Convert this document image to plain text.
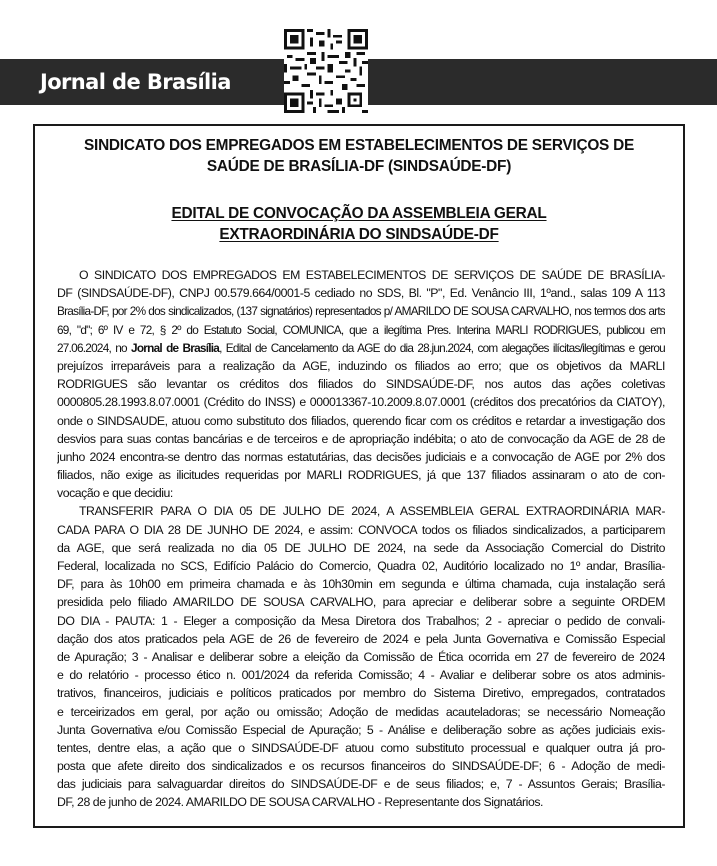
Jornal de Brasília
SINDICATO DOS EMPREGADOS EM ESTABELECIMENTOS DE SERVIÇOS DE
SAÚDE DE BRASÍLIA-DF (SINDSAÚDE-DF)
EDITAL DE CONVOCAÇÃO DA ASSEMBLEIA GERAL
EXTRAORDINÁRIA DO SINDSAÚDE-DF
O SINDICATO DOS EMPREGADOS EM ESTABELECIMENTOS DE SERVIÇOS DE SAÚDE DE BRASÍLIA-
DF (SINDSAÚDE-DF), CNPJ 00.579.664/0001-5 cediado no SDS, Bl. "P", Ed. Venâncio III, 1ºand., salas 109 A 113
Brasília-DF, por 2% dos sindicalizados, (137 signatários) representados p/ AMARILDO DE SOUSA CARVALHO, nos termos dos arts
69, "d"; 6º IV e 72, § 2º do Estatuto Social, COMUNICA, que a ilegítima Pres. Interina MARLI RODRIGUES, publicou em
27.06.2024, no Jornal de Brasília, Edital de Cancelamento da AGE do dia 28.jun.2024, com alegações ilícitas/ilegítimas e gerou
prejuízos irreparáveis para a realização da AGE, induzindo os filiados ao erro; que os objetivos da MARLI
RODRIGUES são levantar os créditos dos filiados do SINDSAÚDE-DF, nos autos das ações coletivas
0000805.28.1993.8.07.0001 (Crédito do INSS) e 000013367-10.2009.8.07.0001 (créditos dos precatórios da CIATOY),
onde o SINDSAUDE, atuou como substituto dos filiados, querendo ficar com os créditos e retardar a investigação dos
desvios para suas contas bancárias e de terceiros e de apropriação indébita; o ato de convocação da AGE de 28 de
junho 2024 encontra-se dentro das normas estatutárias, das decisões judiciais e a convocação de AGE por 2% dos
filiados, não exige as ilicitudes requeridas por MARLI RODRIGUES, já que 137 filiados assinaram o ato de con-
vocação e que decidiu:
TRANSFERIR PARA O DIA 05 DE JULHO DE 2024, A ASSEMBLEIA GERAL EXTRAORDINÁRIA MAR-
CADA PARA O DIA 28 DE JUNHO DE 2024, e assim: CONVOCA todos os filiados sindicalizados, a participarem
da AGE, que será realizada no dia 05 DE JULHO DE 2024, na sede da Associação Comercial do Distrito
Federal, localizada no SCS, Edifício Palácio do Comercio, Quadra 02, Auditório localizado no 1º andar, Brasília-
DF, para às 10h00 em primeira chamada e às 10h30min em segunda e última chamada, cuja instalação será
presidida pelo filiado AMARILDO DE SOUSA CARVALHO, para apreciar e deliberar sobre a seguinte ORDEM
DO DIA - PAUTA: 1 - Eleger a composição da Mesa Diretora dos Trabalhos; 2 - apreciar o pedido de convali-
dação dos atos praticados pela AGE de 26 de fevereiro de 2024 e pela Junta Governativa e Comissão Especial
de Apuração; 3 - Analisar e deliberar sobre a eleição da Comissão de Ética ocorrida em 27 de fevereiro de 2024
e do relatório - processo ético n. 001/2024 da referida Comissão; 4 - Avaliar e deliberar sobre os atos adminis-
trativos, financeiros, judiciais e políticos praticados por membro do Sistema Diretivo, empregados, contratados
e terceirizados em geral, por ação ou omissão; Adoção de medidas acauteladoras; se necessário Nomeação
Junta Governativa e/ou Comissão Especial de Apuração; 5 - Análise e deliberação sobre as ações judiciais exis-
tentes, dentre elas, a ação que o SINDSAÚDE-DF atuou como substituto processual e qualquer outra já pro-
posta que afete direito dos sindicalizados e os recursos financeiros do SINDSAÚDE-DF; 6 - Adoção de medi-
das judiciais para salvaguardar direitos do SINDSAÚDE-DF e de seus filiados; e, 7 - Assuntos Gerais; Brasília-
DF, 28 de junho de 2024. AMARILDO DE SOUSA CARVALHO - Representante dos Signatários.
